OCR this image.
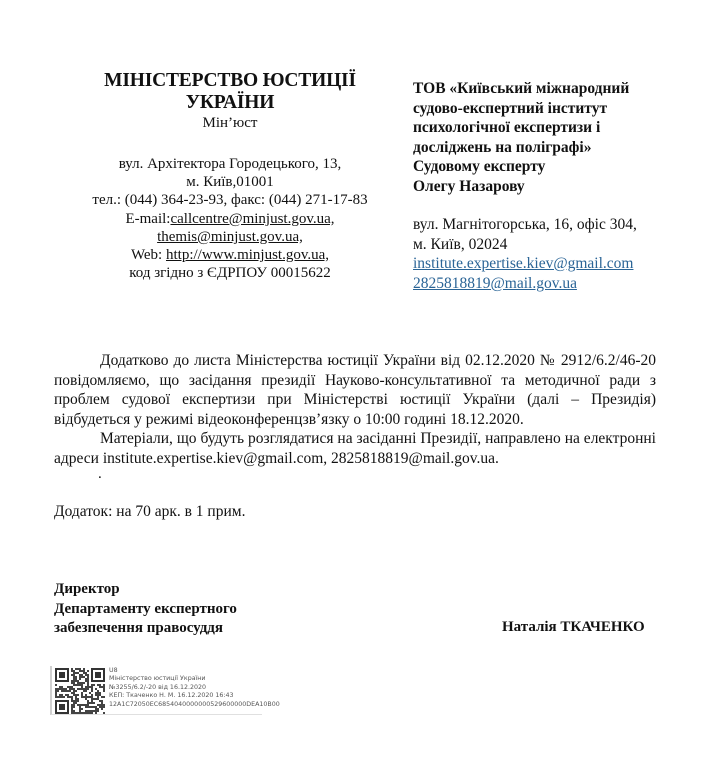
МІНІСТЕРСТВО ЮСТИЦІЇ
УКРАЇНИ
Мін’юст
вул. Архітектора Городецького, 13,
м. Київ,01001
тел.: (044) 364-23-93, факс: (044) 271-17-83
E-mail:callcentre@minjust.gov.ua,
themis@minjust.gov.ua,
Web: http://www.minjust.gov.ua,
код згідно з ЄДРПОУ 00015622
ТОВ «Київський міжнародний
судово-експертний інститут
психологічної експертизи і
досліджень на поліграфі»
Судовому експерту
Олегу Назарову
вул. Магнітогорська, 16, офіс 304,
м. Київ, 02024
institute.expertise.kiev@gmail.com
2825818819@mail.gov.ua

Додатково до листа Міністерства юстиції України від 02.12.2020 № 2912/6.2/46-20 повідомляємо, що засідання президії Науково-консультативної та методичної ради з проблем судової експертизи при Міністерстві юстиції України (далі – Президія) відбудеться у режимі відеоконференцзв’язку о 10:00 годині 18.12.2020.

Матеріали, що будуть розглядатися на засіданні Президії, направлено на електронні адреси institute.expertise.kiev@gmail.com, 2825818819@mail.gov.ua.

.
Додаток: на 70 арк. в 1 прим.
Директор
Департаменту експертного
забезпечення правосуддя	Наталія ТКАЧЕНКО
U8
Міністерство юстиції України
№3255/6.2/-20 від 16.12.2020
КЕП: Ткаченко Н. М. 16.12.2020 16:43
12A1C72050EC6854040000000529600000DEA10B00
